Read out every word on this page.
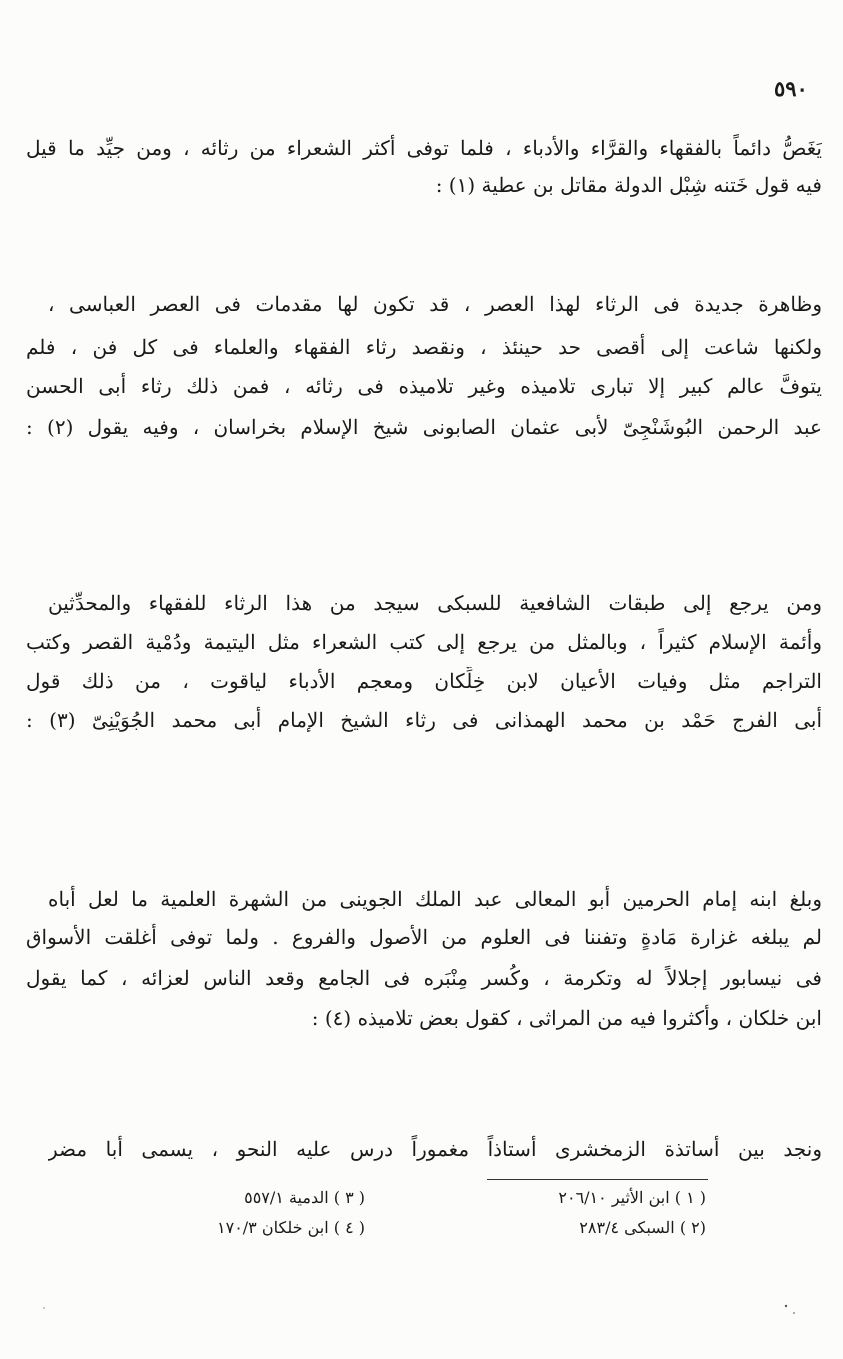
٥٩٠
يَغَصُّ دائماً بالفقهاء والقرَّاء والأدباء ، فلما توفى أكثر الشعراء من رثائه ، ومن جيِّد ما قيل
فيه قول خَتنه شِبْل الدولة مقاتل بن عطية (١) :
وظاهرة جديدة فى الرثاء لهذا العصر ، قد تكون لها مقدمات فى العصر العباسى ،
ولكنها شاعت إلى أقصى حد حينئذ ، ونقصد رثاء الفقهاء والعلماء فى كل فن ، فلم
يتوفَّ عالم كبير إلا تبارى تلاميذه وغير تلاميذه فى رثائه ، فمن ذلك رثاء أبى الحسن
عبد الرحمن البُوشَنْجِىّ لأبى عثمان الصابونى شيخ الإسلام بخراسان ، وفيه يقول (٢) :
ومن يرجع إلى طبقات الشافعية للسبكى سيجد من هذا الرثاء للفقهاء والمحدِّثين
وأئمة الإسلام كثيراً ، وبالمثل من يرجع إلى كتب الشعراء مثل اليتيمة ودُمْية القصر وكتب
التراجم مثل وفيات الأعيان لابن خِلِّكان ومعجم الأدباء لياقوت ، من ذلك قول
أبى الفرج حَمْد بن محمد الهمذانى فى رثاء الشيخ الإمام أبى محمد الجُوَيْنِىّ (٣) :
وبلغ ابنه إمام الحرمين أبو المعالى عبد الملك الجوينى من الشهرة العلمية ما لعل أباه
لم يبلغه غزارة مَادةٍ وتفننا فى العلوم من الأصول والفروع . ولما توفى أُغلقت الأسواق
فى نيسابور إجلالاً له وتكرمة ، وكُسر مِنْبَره فى الجامع وقعد الناس لعزائه ، كما يقول
ابن خلكان ، وأكثروا فيه من المراثى ، كقول بعض تلاميذه (٤) :
ونجد بين أساتذة الزمخشرى أستاذاً مغموراً درس عليه النحو ، يسمى أبا مضر
( ١ ) ابن الأثير ٢٠٦/١٠
(٢ ) السبكى ٢٨٣/٤
( ٣ ) الدمية ٥٥٧/١
( ٤ ) ابن خلكان ١٧٠/٣
